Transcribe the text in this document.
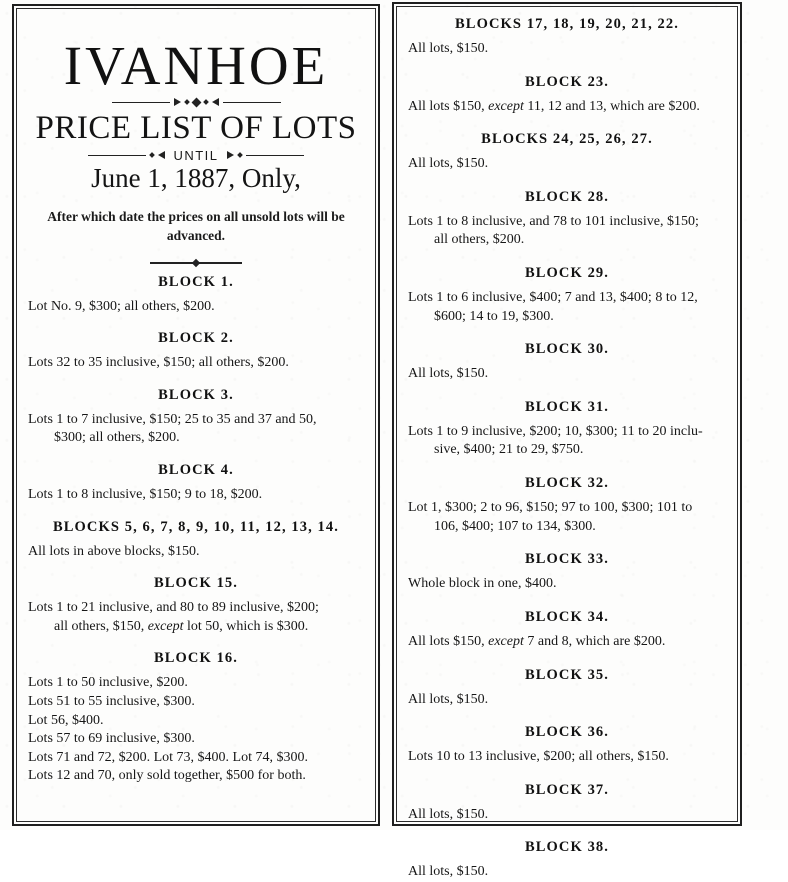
IVANHOE
PRICE LIST OF LOTS
UNTIL
June 1, 1887, Only,
After which date the prices on all unsold lots will be advanced.
BLOCK 1.
Lot No. 9, $300; all others, $200.
BLOCK 2.
Lots 32 to 35 inclusive, $150; all others, $200.
BLOCK 3.
Lots 1 to 7 inclusive, $150; 25 to 35 and 37 and 50,
$300; all others, $200.
BLOCK 4.
Lots 1 to 8 inclusive, $150; 9 to 18, $200.
BLOCKS 5, 6, 7, 8, 9, 10, 11, 12, 13, 14.
All lots in above blocks, $150.
BLOCK 15.
Lots 1 to 21 inclusive, and 80 to 89 inclusive, $200;
all others, $150, except lot 50, which is $300.
BLOCK 16.
Lots 1 to 50 inclusive, $200.
Lots 51 to 55 inclusive, $300.
Lot 56, $400.
Lots 57 to 69 inclusive, $300.
Lots 71 and 72, $200. Lot 73, $400. Lot 74, $300.
Lots 12 and 70, only sold together, $500 for both.
BLOCKS 17, 18, 19, 20, 21, 22.
All lots, $150.
BLOCK 23.
All lots $150, except 11, 12 and 13, which are $200.
BLOCKS 24, 25, 26, 27.
All lots, $150.
BLOCK 28.
Lots 1 to 8 inclusive, and 78 to 101 inclusive, $150;
all others, $200.
BLOCK 29.
Lots 1 to 6 inclusive, $400; 7 and 13, $400; 8 to 12,
$600; 14 to 19, $300.
BLOCK 30.
All lots, $150.
BLOCK 31.
Lots 1 to 9 inclusive, $200; 10, $300; 11 to 20 inclu-
sive, $400; 21 to 29, $750.
BLOCK 32.
Lot 1, $300; 2 to 96, $150; 97 to 100, $300; 101 to
106, $400; 107 to 134, $300.
BLOCK 33.
Whole block in one, $400.
BLOCK 34.
All lots $150, except 7 and 8, which are $200.
BLOCK 35.
All lots, $150.
BLOCK 36.
Lots 10 to 13 inclusive, $200; all others, $150.
BLOCK 37.
All lots, $150.
BLOCK 38.
All lots, $150.
